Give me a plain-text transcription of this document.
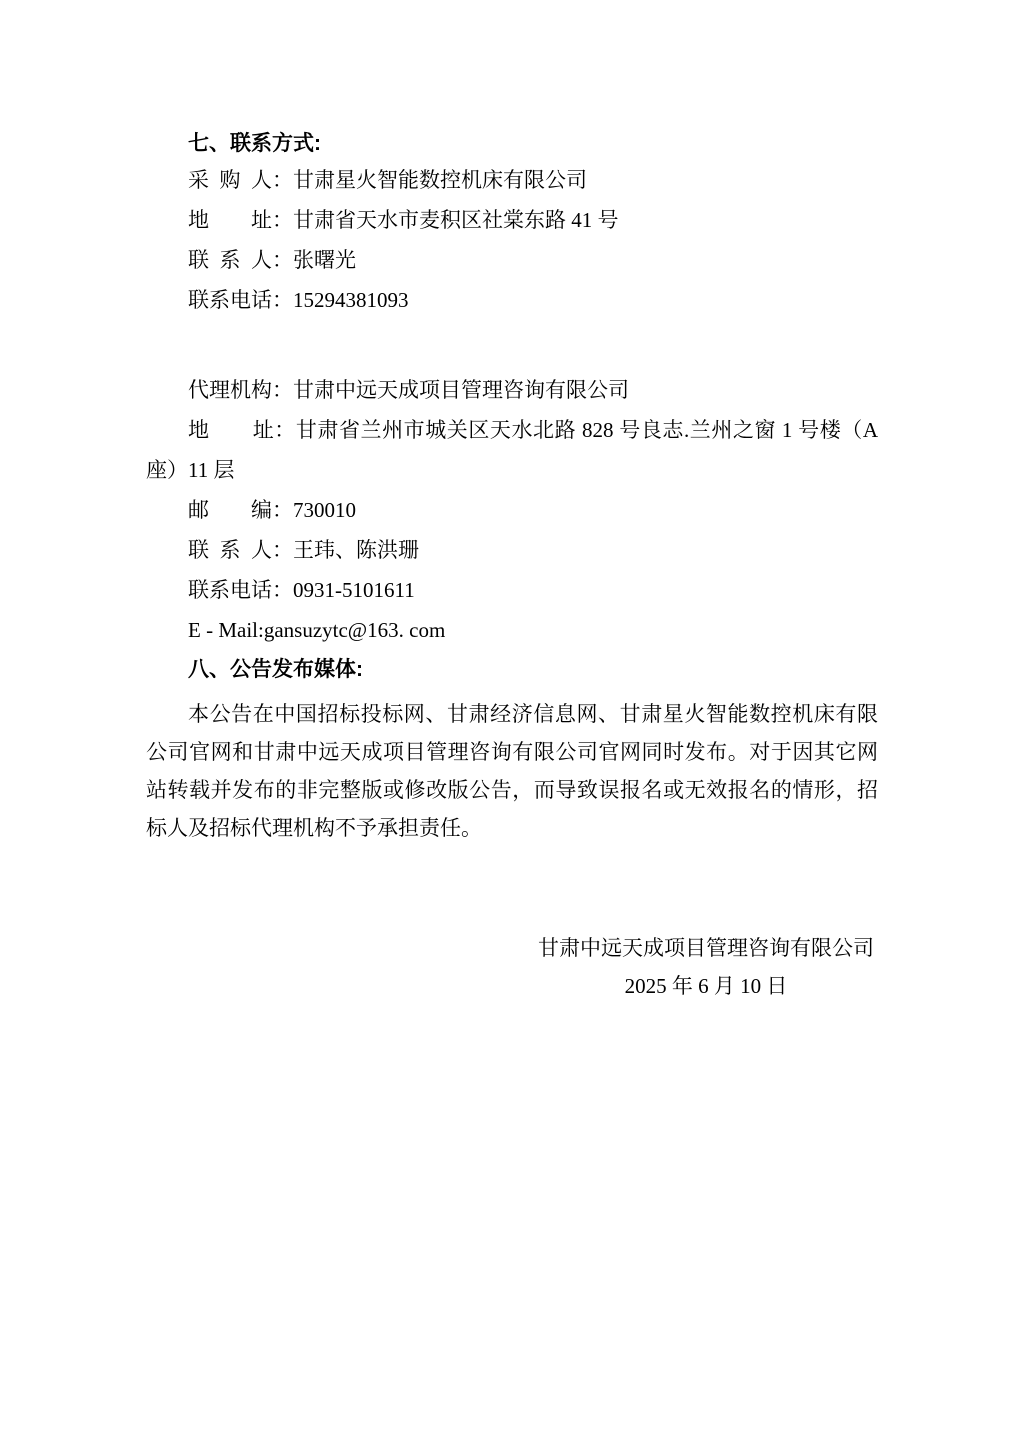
七、联系方式:

采 购 人：甘肃星火智能数控机床有限公司

地　　址：甘肃省天水市麦积区社棠东路 41 号

联 系 人：张曙光

联系电话：15294381093

代理机构：甘肃中远天成项目管理咨询有限公司

地　　址：甘肃省兰州市城关区天水北路 828 号良志.兰州之窗 1 号楼（A座）11 层

邮　　编：730010

联 系 人：王玮、陈洪珊

联系电话：0931-5101611

E - Mail:gansuzytc@163. com

八、公告发布媒体:

本公告在中国招标投标网、甘肃经济信息网、甘肃星火智能数控机床有限公司官网和甘肃中远天成项目管理咨询有限公司官网同时发布。对于因其它网站转载并发布的非完整版或修改版公告，而导致误报名或无效报名的情形，招标人及招标代理机构不予承担责任。

甘肃中远天成项目管理咨询有限公司

2025 年 6 月 10 日
